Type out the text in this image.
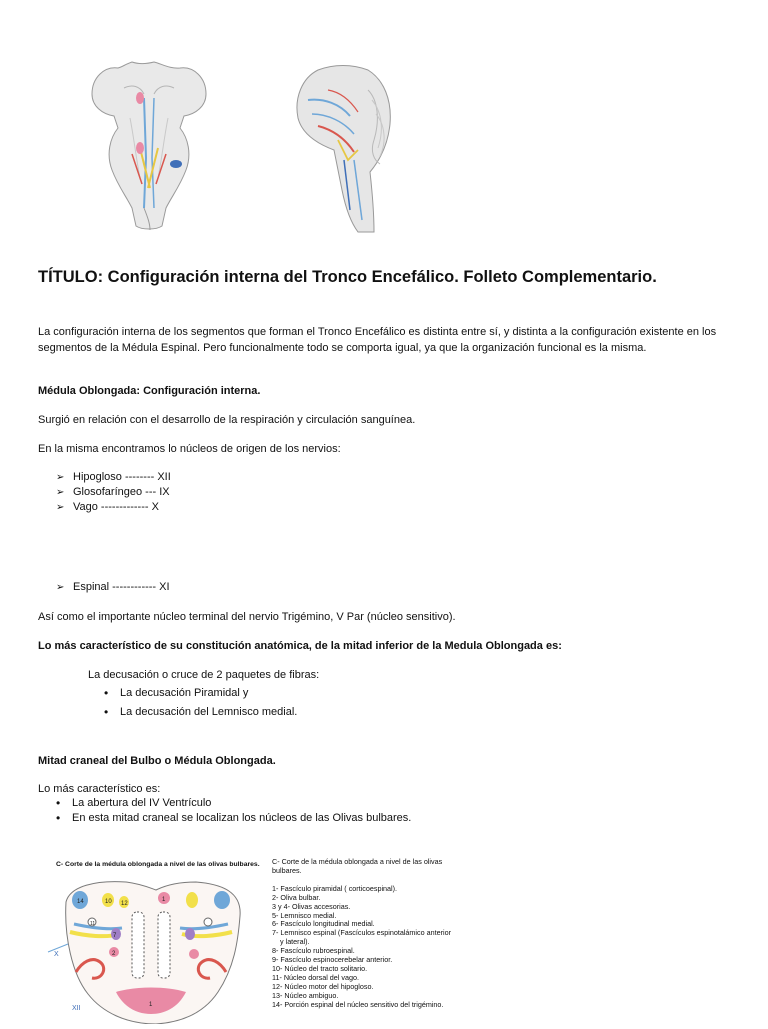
TÍTULO: Configuración interna del Tronco Encefálico. Folleto Complementario.

La configuración interna de los segmentos que forman el Tronco Encefálico es distinta entre sí, y distinta a la configuración existente en los segmentos de la Médula Espinal. Pero funcionalmente todo se comporta igual, ya que la organización funcional es la misma.

Médula Oblongada: Configuración interna.

Surgió en relación con el desarrollo de la respiración y circulación sanguínea.

En la misma encontramos lo núcleos de origen de los nervios:

➢ Hipogloso -------- XII
➢ Glosofaríngeo --- IX
➢ Vago ------------- X
➢ Espinal ------------ XI

Así como el importante núcleo terminal del nervio Trigémino, V Par (núcleo sensitivo).

Lo más característico de su constitución anatómica, de la mitad inferior de la Medula Oblongada es:

La decusación o cruce de 2 paquetes de fibras:

• La decusación Piramidal y
• La decusación del Lemnisco medial.

Mitad craneal del Bulbo o Médula Oblongada.

Lo más característico es:

• La abertura del IV Ventrículo
• En esta mitad craneal se localizan los núcleos de las Olivas bulbares.
C- Corte de la médula oblongada a nivel de las olivas bulbares.
X
XII
14	10 12
1
7
11
2
1
C- Corte de la médula oblongada a nivel de las olivas bulbares.
1- Fascículo piramidal ( corticoespinal).
2- Oliva bulbar.
3 y 4- Olivas accesorias.
5- Lemnisco medial.
6- Fascículo longitudinal medial.
7- Lemnisco espinal (Fascículos espinotalámico anterior
y lateral).
8- Fascículo rubroespinal.
9- Fascículo espinocerebelar anterior.
10- Núcleo del tracto solitario.
11- Núcleo dorsal del vago.
12- Núcleo motor del hipogloso.
13- Núcleo ambiguo.
14- Porción espinal del núcleo sensitivo del trigémino.
